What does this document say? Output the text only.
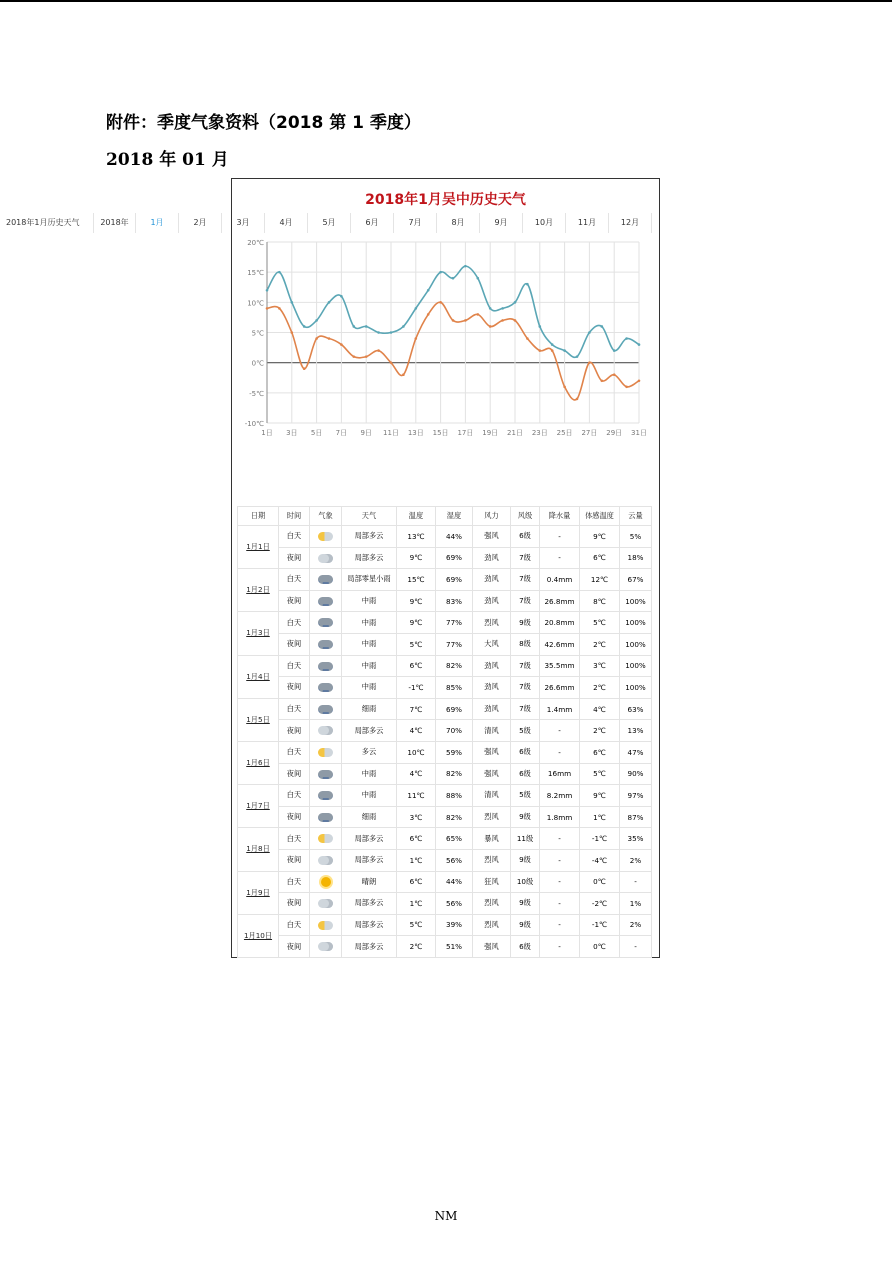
附件：季度气象资料（2018 第 1 季度）
2018 年 01 月
2018年1月吴中历史天气
2018年1月历史天气	2018年	1月	2月	3月	4月	5月	6月	7月	8月	9月	10月	11月	12月
20℃
15℃
10℃
5℃
0℃
-5℃
-10℃
1日 3日 5日 7日 9日 11日 13日 15日 17日 19日 21日 23日 25日 27日 29日 31日
日期	时间	气象	天气	温度	湿度	风力	风级	降水量	体感温度	云量
1月1日	白天		局部多云	13℃	44%	强风	6级	-	9℃	5%
	夜间		局部多云	9℃	69%	劲风	7级	-	6℃	18%
1月2日	白天		局部零星小雨	15℃	69%	劲风	7级	0.4mm	12℃	67%
	夜间		中雨	9℃	83%	劲风	7级	26.8mm	8℃	100%
1月3日	白天		中雨	9℃	77%	烈风	9级	20.8mm	5℃	100%
	夜间		中雨	5℃	77%	大风	8级	42.6mm	2℃	100%
1月4日	白天		中雨	6℃	82%	劲风	7级	35.5mm	3℃	100%
	夜间		中雨	-1℃	85%	劲风	7级	26.6mm	2℃	100%
1月5日	白天		细雨	7℃	69%	劲风	7级	1.4mm	4℃	63%
	夜间		局部多云	4℃	70%	清风	5级	-	2℃	13%
1月6日	白天		多云	10℃	59%	强风	6级	-	6℃	47%
	夜间		中雨	4℃	82%	强风	6级	16mm	5℃	90%
1月7日	白天		中雨	11℃	88%	清风	5级	8.2mm	9℃	97%
	夜间		细雨	3℃	82%	烈风	9级	1.8mm	1℃	87%
1月8日	白天		局部多云	6℃	65%	暴风	11级	-	-1℃	35%
	夜间		局部多云	1℃	56%	烈风	9级	-	-4℃	2%
1月9日	白天		晴朗	6℃	44%	狂风	10级	-	0℃	-
	夜间		局部多云	1℃	56%	烈风	9级	-	-2℃	1%
1月10日	白天		局部多云	5℃	39%	烈风	9级	-	-1℃	2%
	夜间		局部多云	2℃	51%	强风	6级	-	0℃	-
NM
